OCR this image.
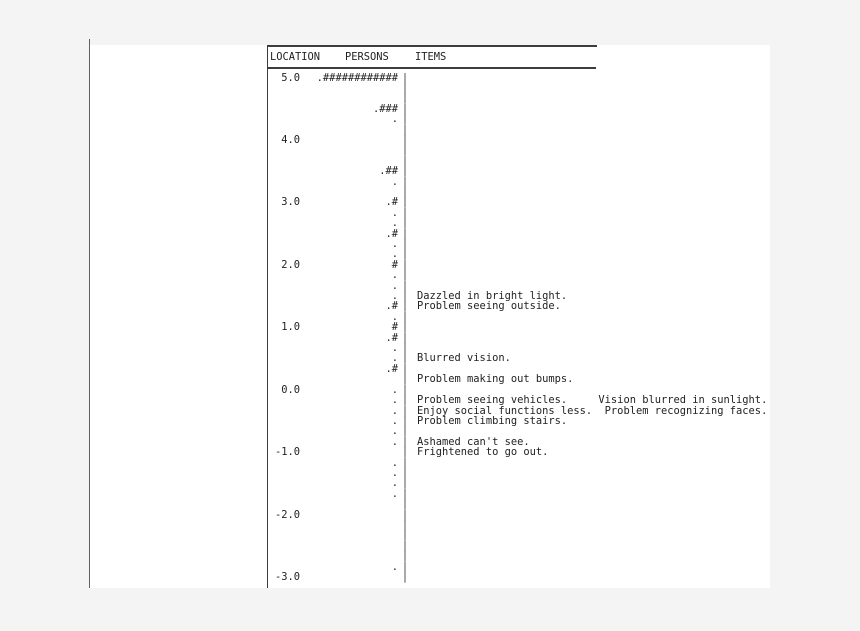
LOCATION PERSONS	ITEMS
5.0	.############ |
|
|
.### |
. |
|
4.0	|
|
|
.## |
. |
|
3.0	.# |
. |
. |
.# |
. |
. |
2.0	# |
. |
. |
. | Dazzled in bright light.
.# | Problem seeing outside.
. |
1.0	# |
.# |
. |
. | Blurred vision.
.# |
| Problem making out bumps.
0.0	. |
. | Problem seeing vehicles.     Vision blurred in sunlight.
. | Enjoy social functions less.  Problem recognizing faces.
. | Problem climbing stairs.
. |
. | Ashamed can't see.
-1.0	| Frightened to go out.
. |
. |
. |
. |
|
-2.0	|
|
|
|
|
. |
-3.0	|
